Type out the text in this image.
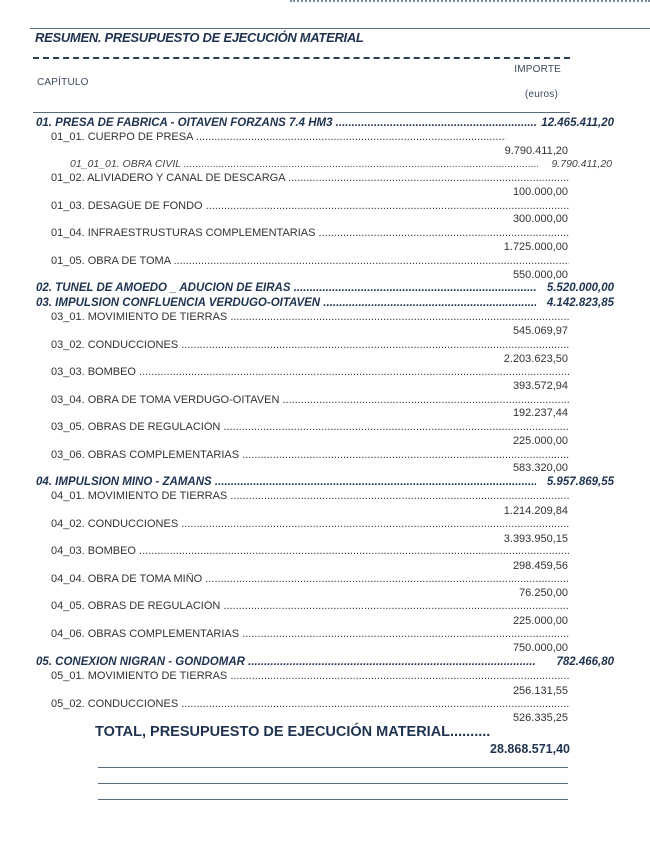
RESUMEN. PRESUPUESTO DE EJECUCIÓN MATERIAL
CAPÍTULO
IMPORTE
(euros)
01. PRESA DE FABRICA - OITAVEN FORZANS 7.4 HM3 .....	12.465.411,20
01_01. CUERPO DE PRESA .....
9.790.411,20
01_01_01. OBRA CIVIL .....	9.790.411,20
01_02. ALIVIADERO Y CANAL DE DESCARGA .....
100.000,00
01_03. DESAGÜE DE FONDO .....
300.000,00
01_04. INFRAESTRUSTURAS COMPLEMENTARIAS .....
1.725.000,00
01_05. OBRA DE TOMA .....
550.000,00
02. TUNEL DE AMOEDO _ ADUCIÓN DE EIRÁS .....	5.520.000,00
03. IMPULSIÓN CONFLUENCIA VERDUGO-OITAVEN .....	4.142.823,85
03_01. MOVIMIENTO DE TIERRAS .....
545.069,97
03_02. CONDUCCIONES .....
2.203.623,50
03_03. BOMBEO .....
393.572,94
03_04. OBRA DE TOMA VERDUGO-OITAVEN .....
192.237,44
03_05. OBRAS DE REGULACIÓN .....
225.000,00
03_06. OBRAS COMPLEMENTARIAS .....
583.320,00
04. IMPULSIÓN MIÑO - ZAMANS .....	5.957.869,55
04_01. MOVIMIENTO DE TIERRAS .....
1.214.209,84
04_02. CONDUCCIONES .....
3.393.950,15
04_03. BOMBEO .....
298.459,56
04_04. OBRA DE TOMA MIÑO .....
76.250,00
04_05. OBRAS DE REGULACIÓN .....
225.000,00
04_06. OBRAS COMPLEMENTARIAS .....
750.000,00
05. CONEXIÓN NIGRAN - GONDOMAR .....	782.466,80
05_01. MOVIMIENTO DE TIERRAS .....
256.131,55
05_02. CONDUCCIONES .....
526.335,25
TOTAL, PRESUPUESTO DE EJECUCIÓN MATERIAL..........
28.868.571,40
